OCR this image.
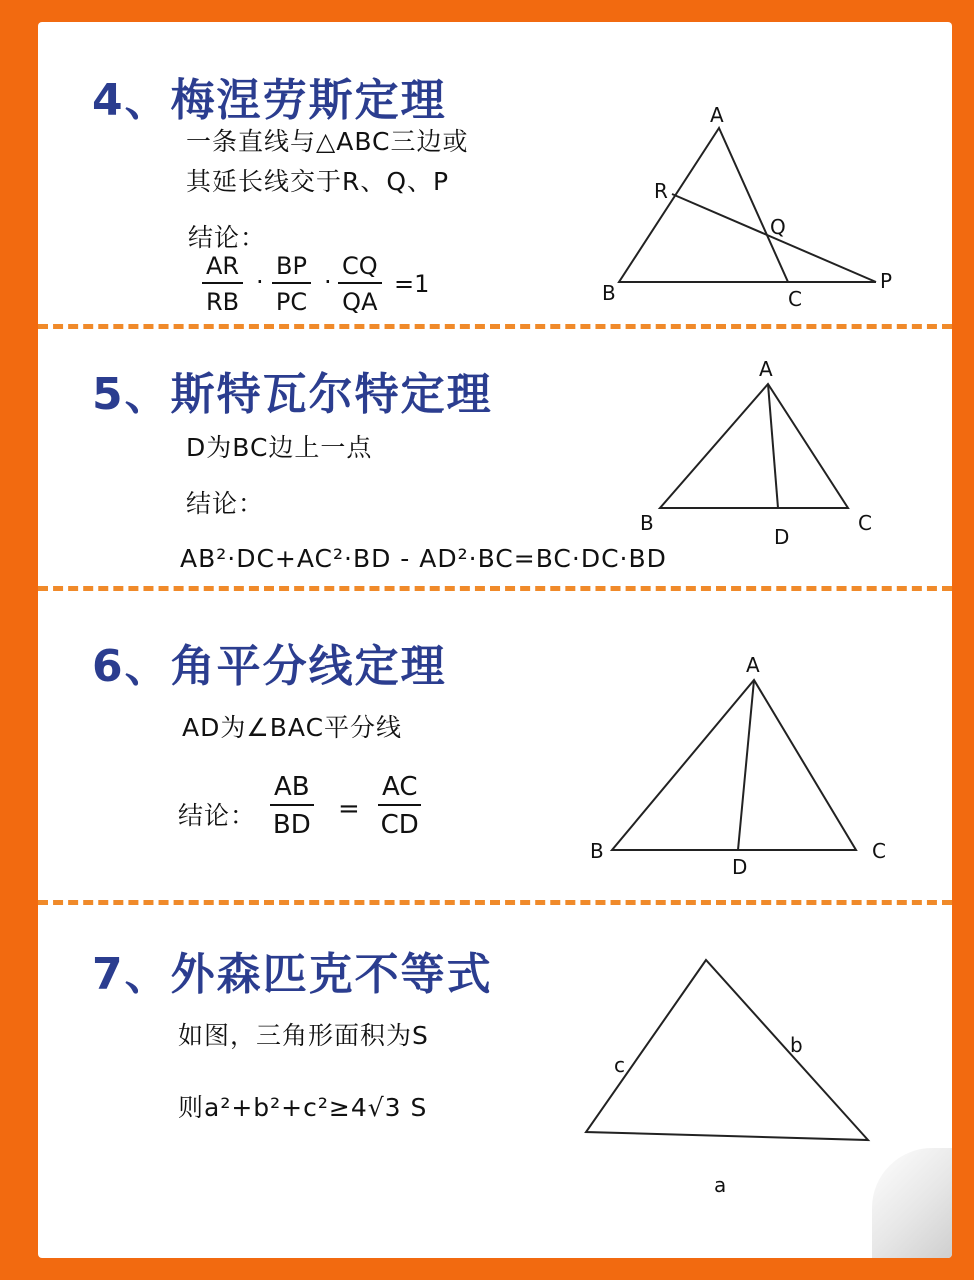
4、梅涅劳斯定理
一条直线与△ABC三边或
其延长线交于R、Q、P
结论：
$\frac{AR}{RB} \cdot \frac{BP}{PC} \cdot \frac{CQ}{QA} =1$
A
B	C
R
Q
P
5、斯特瓦尔特定理
D为BC边上一点
结论：
AB²·DC+AC²·BD - AD²·BC=BC·DC·BD
A
B	C
D
6、角平分线定理
AD为∠BAC平分线
结论： $\frac{AB}{BD} = \frac{AC}{CD}$
A
B	C
D
7、外森匹克不等式
如图，三角形面积为S
则a²+b²+c²≥4√3 S
c
b
a
